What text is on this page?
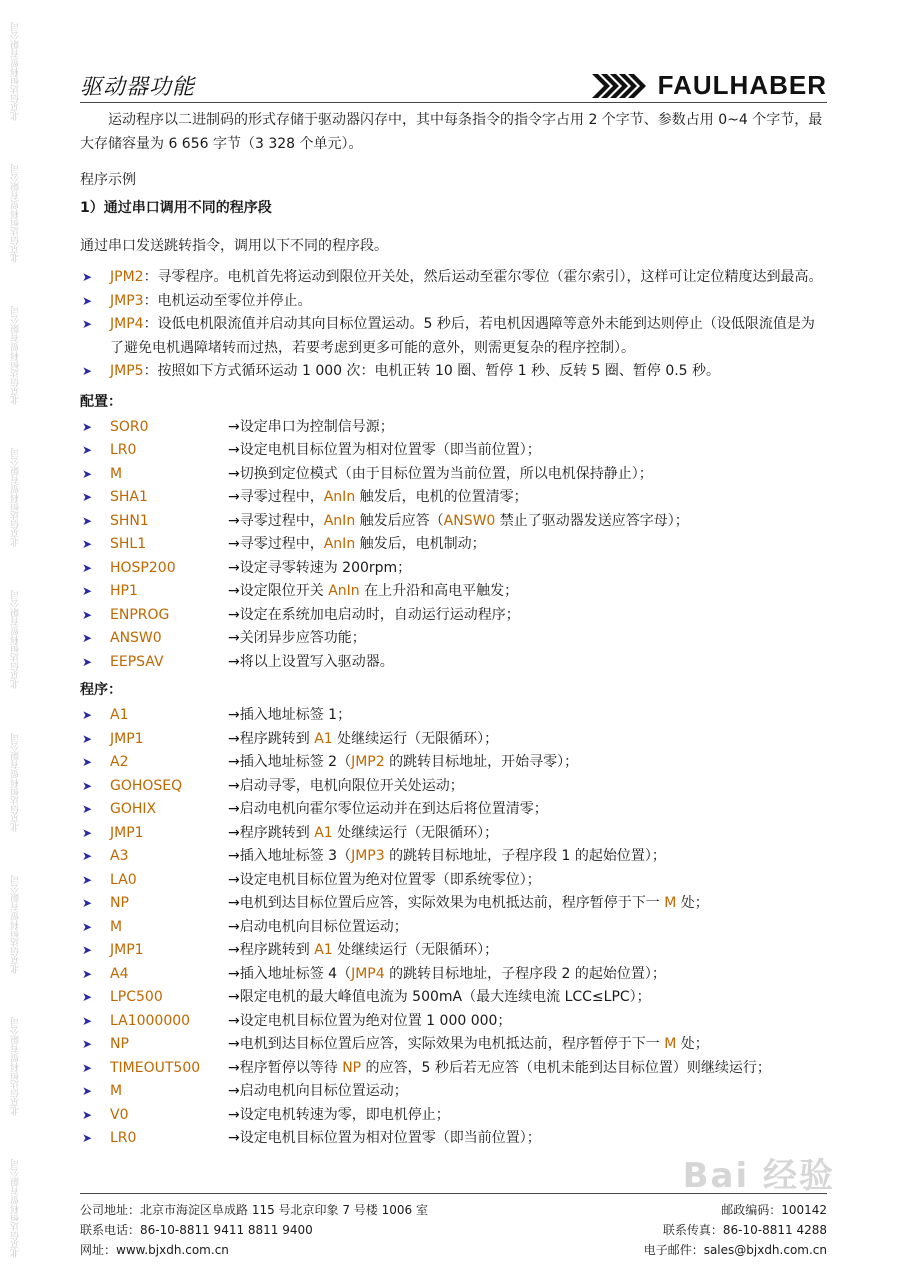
北京信达恒科贸有限公司
北京信达恒科贸有限公司
北京信达恒科贸有限公司
北京信达恒科贸有限公司
北京信达恒科贸有限公司
北京信达恒科贸有限公司
北京信达恒科贸有限公司
北京信达恒科贸有限公司
北京信达恒科贸有限公司
驱动器功能	FAULHABER

运动程序以二进制码的形式存储于驱动器闪存中，其中每条指令的指令字占用 2 个字节、参数占用 0~4 个字节，最大存储容量为 6 656 字节（3 328 个单元）。

程序示例
1）通过串口调用不同的程序段
通过串口发送跳转指令，调用以下不同的程序段。
➤ JPM2：寻零程序。电机首先将运动到限位开关处，然后运动至霍尔零位（霍尔索引），这样可让定位精度达到最高。
➤ JMP3：电机运动至零位并停止。
➤ JMP4：设低电机限流值并启动其向目标位置运动。5 秒后，若电机因遇障等意外未能到达则停止（设低限流值是为了避免电机遇障堵转而过热，若要考虑到更多可能的意外，则需更复杂的程序控制）。
➤ JMP5：按照如下方式循环运动 1 000 次：电机正转 10 圈、暂停 1 秒、反转 5 圈、暂停 0.5 秒。
配置：
➤ SOR0	→设定串口为控制信号源；
➤ LR0	→设定电机目标位置为相对位置零（即当前位置）；
➤ M	→切换到定位模式（由于目标位置为当前位置，所以电机保持静止）；
➤ SHA1	→寻零过程中，AnIn 触发后，电机的位置清零；
➤ SHN1	→寻零过程中，AnIn 触发后应答（ANSW0 禁止了驱动器发送应答字母）；
➤ SHL1	→寻零过程中，AnIn 触发后，电机制动；
➤ HOSP200	→设定寻零转速为 200rpm；
➤ HP1	→设定限位开关 AnIn 在上升沿和高电平触发；
➤ ENPROG	→设定在系统加电启动时，自动运行运动程序；
➤ ANSW0	→关闭异步应答功能；
➤ EEPSAV	→将以上设置写入驱动器。
程序：
➤ A1	→插入地址标签 1；
➤ JMP1	→程序跳转到 A1 处继续运行（无限循环）；
➤ A2	→插入地址标签 2（JMP2 的跳转目标地址，开始寻零）；
➤ GOHOSEQ	→启动寻零，电机向限位开关处运动；
➤ GOHIX	→启动电机向霍尔零位运动并在到达后将位置清零；
➤ JMP1	→程序跳转到 A1 处继续运行（无限循环）；
➤ A3	→插入地址标签 3（JMP3 的跳转目标地址，子程序段 1 的起始位置）；
➤ LA0	→设定电机目标位置为绝对位置零（即系统零位）；
➤ NP	→电机到达目标位置后应答，实际效果为电机抵达前，程序暂停于下一 M 处；
➤ M	→启动电机向目标位置运动；
➤ JMP1	→程序跳转到 A1 处继续运行（无限循环）；
➤ A4	→插入地址标签 4（JMP4 的跳转目标地址，子程序段 2 的起始位置）；
➤ LPC500	→限定电机的最大峰值电流为 500mA（最大连续电流 LCC≤LPC）；
➤ LA1000000	→设定电机目标位置为绝对位置 1 000 000；
➤ NP	→电机到达目标位置后应答，实际效果为电机抵达前，程序暂停于下一 M 处；
➤ TIMEOUT500 →程序暂停以等待 NP 的应答，5 秒后若无应答（电机未能到达目标位置）则继续运行；
➤ M	→启动电机向目标位置运动；
➤ V0	→设定电机转速为零，即电机停止；
➤ LR0	→设定电机目标位置为相对位置零（即当前位置）；
Bai 经验
公司地址：北京市海淀区阜成路 115 号北京印象 7 号楼 1006 室	邮政编码：100142
联系电话：86-10-8811 9411 8811 9400	联系传真：86-10-8811 4288
网址：www.bjxdh.com.cn	电子邮件：sales@bjxdh.com.cn
